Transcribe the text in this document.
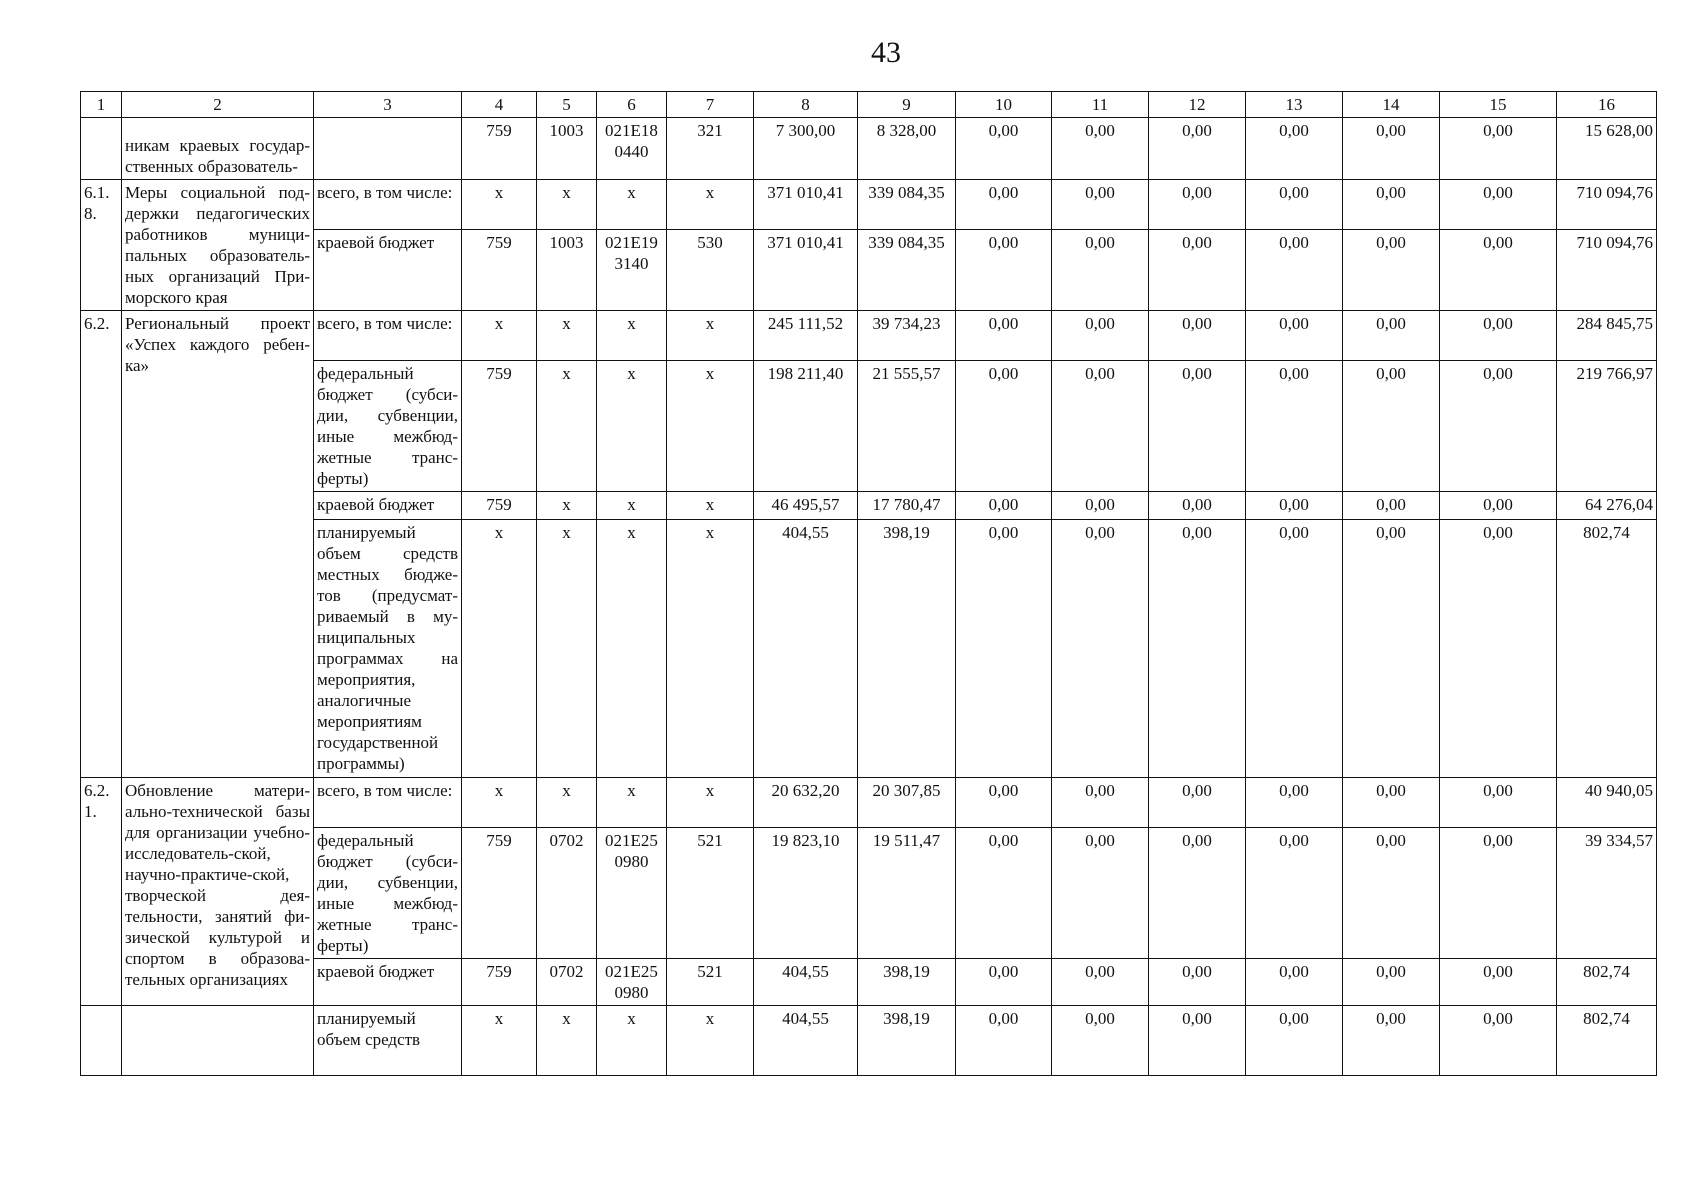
43
1	2	3	4	5	6	7	8	9	10	11	12	13	14	15	16
	никам краевых государ-ственных образователь-		759	1003	021E18 0440	321	7 300,00	8 328,00	0,00	0,00	0,00	0,00	0,00	0,00	15 628,00
6.1.8.	Меры социальной под-держки педагогических работников муници-пальных образователь-ных организаций При-морского края	всего, в том числе:	х	х	х	х	371 010,41	339 084,35	0,00	0,00	0,00	0,00	0,00	0,00	710 094,76
		краевой бюджет	759	1003	021E19 3140	530	371 010,41	339 084,35	0,00	0,00	0,00	0,00	0,00	0,00	710 094,76
6.2.	Региональный проект «Успех каждого ребен-ка»	всего, в том числе:	х	х	х	х	245 111,52	39 734,23	0,00	0,00	0,00	0,00	0,00	0,00	284 845,75
		федеральный бюджет (субси-дии, субвенции, иные межбюд-жетные транс-ферты)	759	х	х	х	198 211,40	21 555,57	0,00	0,00	0,00	0,00	0,00	0,00	219 766,97
		краевой бюджет	759	х	х	х	46 495,57	17 780,47	0,00	0,00	0,00	0,00	0,00	0,00	64 276,04
		планируемый объем средств местных бюдже-тов (предусмат-риваемый в му-ниципальных программах на мероприятия, аналогичные мероприятиям государственной программы)	х	х	х	х	404,55	398,19	0,00	0,00	0,00	0,00	0,00	0,00	802,74
6.2.1.	Обновление матери-ально-технической базы для организации учебно-исследователь-ской, научно-практиче-ской, творческой дея-тельности, занятий фи-зической культурой и спортом в образова-тельных организациях	всего, в том числе:	х	х	х	х	20 632,20	20 307,85	0,00	0,00	0,00	0,00	0,00	0,00	40 940,05
		федеральный бюджет (субси-дии, субвенции, иные межбюд-жетные транс-ферты)	759	0702	021E25 0980	521	19 823,10	19 511,47	0,00	0,00	0,00	0,00	0,00	0,00	39 334,57
		краевой бюджет	759	0702	021E25 0980	521	404,55	398,19	0,00	0,00	0,00	0,00	0,00	0,00	802,74
		планируемый объем средств	х	х	х	х	404,55	398,19	0,00	0,00	0,00	0,00	0,00	0,00	802,74
